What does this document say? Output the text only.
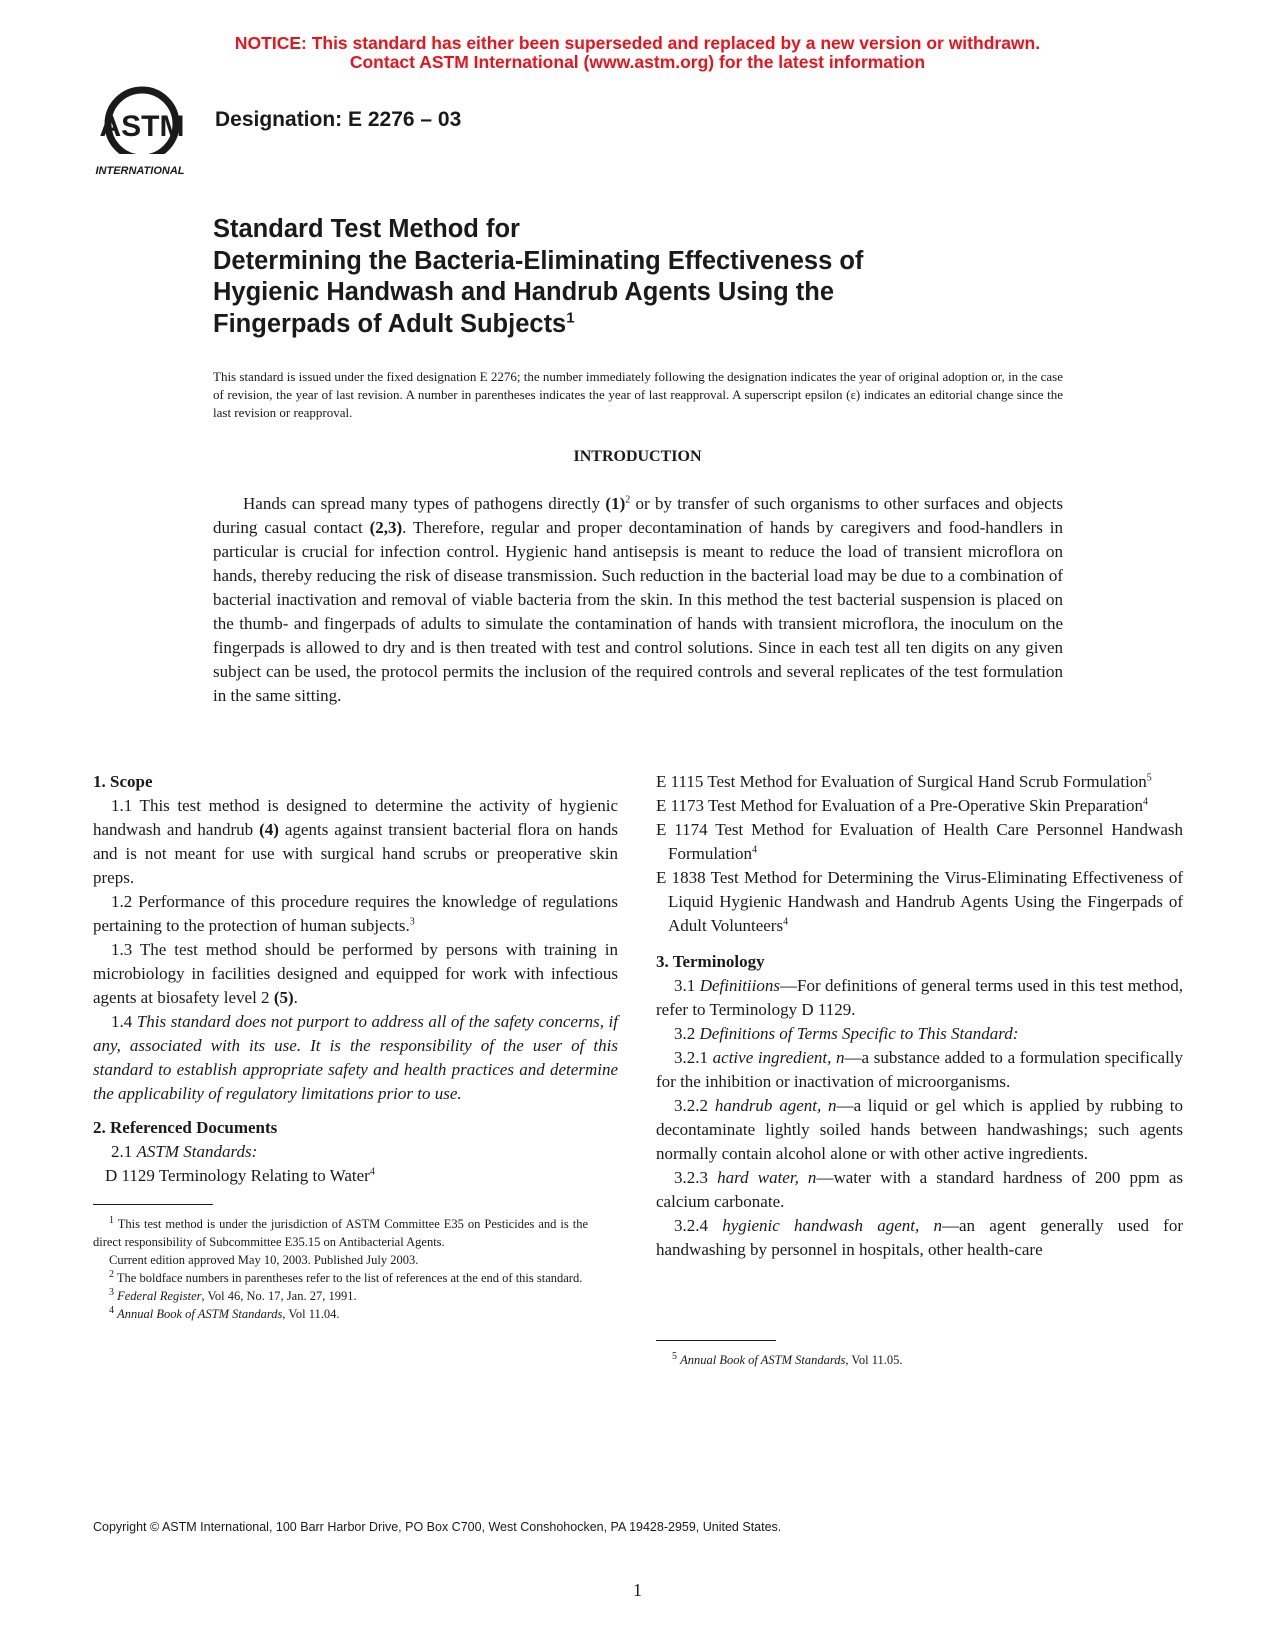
NOTICE: This standard has either been superseded and replaced by a new version or withdrawn.
Contact ASTM International (www.astm.org) for the latest information
ASTM
INTERNATIONAL
Designation: E 2276 – 03
Standard Test Method for
Determining the Bacteria-Eliminating Effectiveness of
Hygienic Handwash and Handrub Agents Using the
Fingerpads of Adult Subjects$^1$
This standard is issued under the fixed designation E 2276; the number immediately following the designation indicates the year of original adoption or, in the case of revision, the year of last revision. A number in parentheses indicates the year of last reapproval. A superscript epsilon (ε) indicates an editorial change since the last revision or reapproval.
INTRODUCTION

Hands can spread many types of pathogens directly $(1)^2$ or by transfer of such organisms to other surfaces and objects during casual contact (2,3). Therefore, regular and proper decontamination of hands by caregivers and food-handlers in particular is crucial for infection control. Hygienic hand antisepsis is meant to reduce the load of transient microflora on hands, thereby reducing the risk of disease transmission. Such reduction in the bacterial load may be due to a combination of bacterial inactivation and removal of viable bacteria from the skin. In this method the test bacterial suspension is placed on the thumb- and fingerpads of adults to simulate the contamination of hands with transient microflora, the inoculum on the fingerpads is allowed to dry and is then treated with test and control solutions. Since in each test all ten digits on any given subject can be used, the protocol permits the inclusion of the required controls and several replicates of the test formulation in the same sitting.

1. Scope

1.1 This test method is designed to determine the activity of hygienic handwash and handrub (4) agents against transient bacterial flora on hands and is not meant for use with surgical hand scrubs or preoperative skin preps.

1.2 Performance of this procedure requires the knowledge of regulations pertaining to the protection of human subjects.$^3$

1.3 The test method should be performed by persons with training in microbiology in facilities designed and equipped for work with infectious agents at biosafety level 2 (5).

1.4 This standard does not purport to address all of the safety concerns, if any, associated with its use. It is the responsibility of the user of this standard to establish appropriate safety and health practices and determine the applicability of regulatory limitations prior to use.

2. Referenced Documents

2.1 ASTM Standards:

D 1129 Terminology Relating to Water$^4$

$^1$ This test method is under the jurisdiction of ASTM Committee E35 on Pesticides and is the direct responsibility of Subcommittee E35.15 on Antibacterial Agents.

Current edition approved May 10, 2003. Published July 2003.

$^2$ The boldface numbers in parentheses refer to the list of references at the end of this standard.

$^3$ Federal Register, Vol 46, No. 17, Jan. 27, 1991.

$^4$ Annual Book of ASTM Standards, Vol 11.04.

E 1115 Test Method for Evaluation of Surgical Hand Scrub Formulation$^5$

E 1173 Test Method for Evaluation of a Pre-Operative Skin Preparation$^4$

E 1174 Test Method for Evaluation of Health Care Personnel Handwash Formulation$^4$

E 1838 Test Method for Determining the Virus-Eliminating Effectiveness of Liquid Hygienic Handwash and Handrub Agents Using the Fingerpads of Adult Volunteers$^4$

3. Terminology

3.1 Definitiions—For definitions of general terms used in this test method, refer to Terminology D 1129.

3.2 Definitions of Terms Specific to This Standard:

3.2.1 active ingredient, n—a substance added to a formulation specifically for the inhibition or inactivation of microorganisms.

3.2.2 handrub agent, n—a liquid or gel which is applied by rubbing to decontaminate lightly soiled hands between handwashings; such agents normally contain alcohol alone or with other active ingredients.

3.2.3 hard water, n—water with a standard hardness of 200 ppm as calcium carbonate.

3.2.4 hygienic handwash agent, n—an agent generally used for handwashing by personnel in hospitals, other health-care

$^5$ Annual Book of ASTM Standards, Vol 11.05.

Copyright © ASTM International, 100 Barr Harbor Drive, PO Box C700, West Conshohocken, PA 19428-2959, United States.
1
